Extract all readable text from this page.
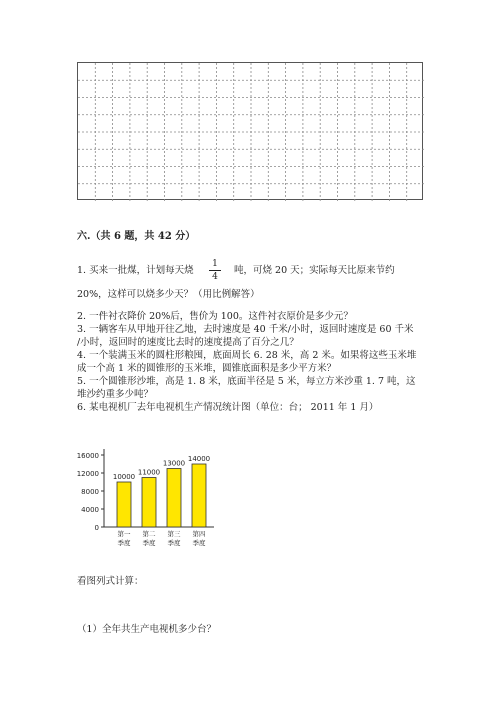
六.（共 6 题，共 42 分）
1. 买来一批煤，计划每天烧
1
4
吨，可烧 20 天；实际每天比原来节约
20%，这样可以烧多少天？（用比例解答）
2. 一件衬衣降价 20%后，售价为 100。这件衬衣原价是多少元？
3. 一辆客车从甲地开往乙地，去时速度是 40 千米/小时，返回时速度是 60 千米
/小时，返回时的速度比去时的速度提高了百分之几？
4. 一个装满玉米的圆柱形粮囤，底面周长 6. 28 米，高 2 米。如果将这些玉米堆
成一个高 1 米的圆锥形的玉米堆，圆锥底面积是多少平方米？
5. 一个圆锥形沙堆，高是 1. 8 米，底面半径是 5 米，每立方米沙重 1. 7 吨，这
堆沙约重多少吨？
6. 某电视机厂去年电视机生产情况统计图（单位：台； 2011 年 1 月）
0
4000
8000
12000
16000
10000
第一
季度
11000
第二
季度
13000
第三
季度
14000
第四
季度
看图列式计算：
（1）全年共生产电视机多少台？
